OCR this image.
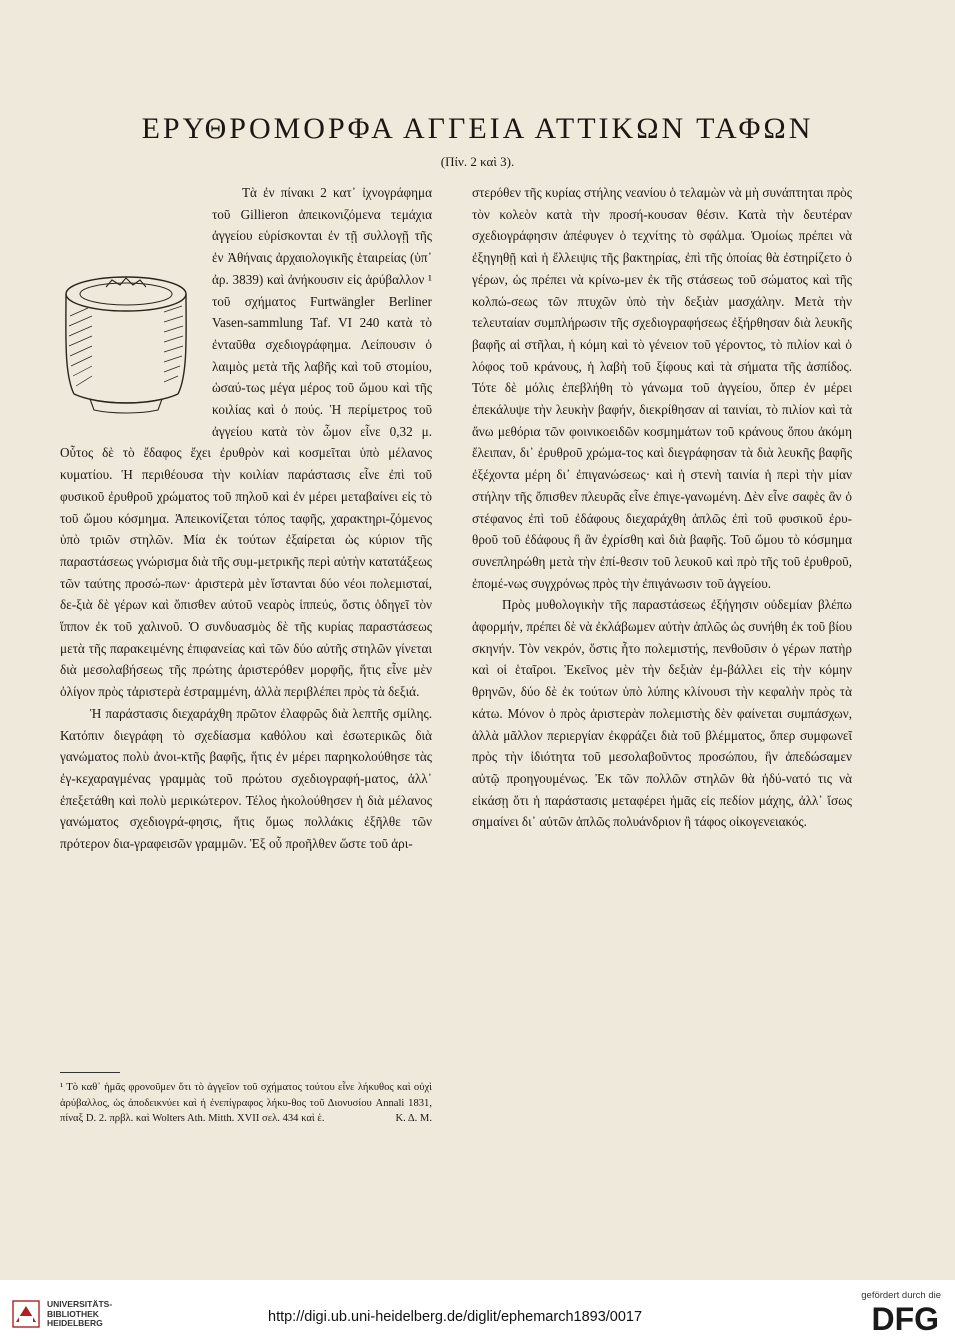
ΕΡΥΘΡΟΜΟΡΦΑ ΑΓΓΕΙΑ ΑΤΤΙΚΩΝ ΤΑΦΩΝ
(Πίν. 2 καὶ 3).

Τὰ ἐν πίνακι 2 κατ᾿ ἰχνογράφημα τοῦ Gillieron ἀπεικονιζόμενα τεμάχια ἀγγείου εὑρίσκονται ἐν τῇ συλλογῇ τῆς ἐν Ἀθήναις ἀρχαιολογικῆς ἑταιρείας (ὑπ᾿ ἀρ. 3839) καὶ ἀνήκουσιν εἰς ἀρύβαλλον ¹ τοῦ σχήματος Furtwängler Berliner Vasen-sammlung Taf. VI 240 κατὰ τὸ ἐνταῦθα σχεδιογράφημα. Λείπουσιν ὁ λαιμὸς μετὰ τῆς λαβῆς καὶ τοῦ στομίου, ὡσαύ-τως μέγα μέρος τοῦ ὤμου καὶ τῆς κοιλίας καὶ ὁ πούς. Ἡ περίμετρος τοῦ ἀγγείου κατὰ τὸν ὦμον εἶνε 0,32 μ. Οὗτος δὲ τὸ ἔδαφος ἔχει ἐρυθρὸν καὶ κοσμεῖται ὑπὸ μέλανος κυματίου. Ἡ περιθέουσα τὴν κοιλίαν παράστασις εἶνε ἐπὶ τοῦ φυσικοῦ ἐρυθροῦ χρώματος τοῦ πηλοῦ καὶ ἐν μέρει μεταβαίνει εἰς τὸ τοῦ ὤμου κόσμημα. Ἀπεικονίζεται τόπος ταφῆς, χαρακτηρι-ζόμενος ὑπὸ τριῶν στηλῶν. Μία ἐκ τούτων ἐξαίρεται ὡς κύριον τῆς παραστάσεως γνώρισμα διὰ τῆς συμ-μετρικῆς περὶ αὐτὴν κατατάξεως τῶν ταύτης προσώ-πων· ἀριστερὰ μὲν ἵστανται δύο νέοι πολεμισταί, δε-ξιὰ δὲ γέρων καὶ ὄπισθεν αὐτοῦ νεαρὸς ἱππεύς, ὅστις ὁδηγεῖ τὸν ἵππον ἐκ τοῦ χαλινοῦ. Ὁ συνδυασμὸς δὲ τῆς κυρίας παραστάσεως μετὰ τῆς παρακειμένης ἐπιφανείας καὶ τῶν δύο αὐτῆς στηλῶν γίνεται διὰ μεσολαβήσεως τῆς πρώτης ἀριστερόθεν μορφῆς, ἥτις εἶνε μὲν ὀλίγον πρὸς τἀριστερὰ ἐστραμμένη, ἀλλὰ περιβλέπει πρὸς τὰ δεξιά.

Ἡ παράστασις διεχαράχθη πρῶτον ἐλαφρῶς διὰ λεπτῆς σμίλης. Κατόπιν διεγράφη τὸ σχεδίασμα καθόλου καὶ ἐσωτερικῶς διὰ γανώματος πολὺ ἀνοι-κτῆς βαφῆς, ἥτις ἐν μέρει παρηκολούθησε τὰς ἐγ-κεχαραγμένας γραμμὰς τοῦ πρώτου σχεδιογραφή-ματος, ἀλλ᾿ ἐπεξετάθη καὶ πολὺ μερικώτερον. Τέλος ἠκολούθησεν ἡ διὰ μέλανος γανώματος σχεδιογρά-φησις, ἥτις ὅμως πολλάκις ἐξῆλθε τῶν πρότερον δια-γραφεισῶν γραμμῶν. Ἐξ οὗ προῆλθεν ὥστε τοῦ ἀρι-

στερόθεν τῆς κυρίας στήλης νεανίου ὁ τελαμὼν νὰ μὴ συνάπτηται πρὸς τὸν κολεὸν κατὰ τὴν προσή-κουσαν θέσιν. Κατὰ τὴν δευτέραν σχεδιογράφησιν ἀπέφυγεν ὁ τεχνίτης τὸ σφάλμα. Ὁμοίως πρέπει νὰ ἐξηγηθῇ καὶ ἡ ἔλλειψις τῆς βακτηρίας, ἐπὶ τῆς ὁποίας θὰ ἐστηρίζετο ὁ γέρων, ὡς πρέπει νὰ κρίνω-μεν ἐκ τῆς στάσεως τοῦ σώματος καὶ τῆς κολπώ-σεως τῶν πτυχῶν ὑπὸ τὴν δεξιὰν μασχάλην. Μετὰ τὴν τελευταίαν συμπλήρωσιν τῆς σχεδιογραφήσεως ἐξήρθησαν διὰ λευκῆς βαφῆς αἱ στῆλαι, ἡ κόμη καὶ τὸ γένειον τοῦ γέροντος, τὸ πιλίον καὶ ὁ λόφος τοῦ κράνους, ἡ λαβὴ τοῦ ξίφους καὶ τὰ σήματα τῆς ἀσπίδος. Τότε δὲ μόλις ἐπεβλήθη τὸ γάνωμα τοῦ ἀγγείου, ὅπερ ἐν μέρει ἐπεκάλυψε τὴν λευκὴν βαφήν, διεκρίθησαν αἱ ταινίαι, τὸ πιλίον καὶ τὰ ἄνω μεθόρια τῶν φοινικοειδῶν κοσμημάτων τοῦ κράνους ὅπου ἀκόμη ἔλειπαν, δι᾿ ἐρυθροῦ χρώμα-τος καὶ διεγράφησαν τὰ διὰ λευκῆς βαφῆς ἐξέχοντα μέρη δι᾿ ἐπιγανώσεως· καὶ ἡ στενὴ ταινία ἡ περὶ τὴν μίαν στήλην τῆς ὄπισθεν πλευρᾶς εἶνε ἐπιγε-γανωμένη. Δὲν εἶνε σαφὲς ἂν ὁ στέφανος ἐπὶ τοῦ ἐδάφους διεχαράχθη ἁπλῶς ἐπὶ τοῦ φυσικοῦ ἐρυ-θροῦ τοῦ ἐδάφους ἢ ἂν ἐχρίσθη καὶ διὰ βαφῆς. Τοῦ ὤμου τὸ κόσμημα συνεπληρώθη μετὰ τὴν ἐπί-θεσιν τοῦ λευκοῦ καὶ πρὸ τῆς τοῦ ἐρυθροῦ, ἐπομέ-νως συγχρόνως πρὸς τὴν ἐπιγάνωσιν τοῦ ἀγγείου.

Πρὸς μυθολογικὴν τῆς παραστάσεως ἐξήγησιν οὐδεμίαν βλέπω ἀφορμήν, πρέπει δὲ νὰ ἐκλάβωμεν αὐτὴν ἁπλῶς ὡς συνήθη ἐκ τοῦ βίου σκηνήν. Τὸν νεκρόν, ὅστις ἦτο πολεμιστής, πενθοῦσιν ὁ γέρων πατὴρ καὶ οἱ ἑταῖροι. Ἐκεῖνος μὲν τὴν δεξιὰν ἐμ-βάλλει εἰς τὴν κόμην θρηνῶν, δύο δὲ ἐκ τούτων ὑπὸ λύπης κλίνουσι τὴν κεφαλὴν πρὸς τὰ κάτω. Μόνον ὁ πρὸς ἀριστερὰν πολεμιστὴς δὲν φαίνεται συμπάσχων, ἀλλὰ μᾶλλον περιεργίαν ἐκφράζει διὰ τοῦ βλέμματος, ὅπερ συμφωνεῖ πρὸς τὴν ἰδιότητα τοῦ μεσολαβοῦντος προσώπου, ἣν ἀπεδώσαμεν αὐτῷ προηγουμένως. Ἐκ τῶν πολλῶν στηλῶν θὰ ἠδύ-νατό τις νὰ εἰκάσῃ ὅτι ἡ παράστασις μεταφέρει ἡμᾶς εἰς πεδίον μάχης, ἀλλ᾿ ἴσως σημαίνει δι᾿ αὐτῶν ἁπλῶς πολυάνδριον ἢ τάφος οἰκογενειακός.

¹ Τὸ καθ᾿ ἡμᾶς φρονοῦμεν ὅτι τὸ ἀγγεῖον τοῦ σχήματος τούτου εἶνε λήκυθος καὶ οὐχὶ ἀρύβαλλος, ὡς ἀποδεικνύει καὶ ἡ ἐνεπίγραφος λήκυ-θος τοῦ Διονυσίου Annali 1831, πίναξ D. 2. πρβλ. καὶ Wolters Ath. Mitth. XVII σελ. 434 καὶ ἑ.	Κ. Δ. Μ.
UNIVERSITÄTS-
BIBLIOTHEK
HEIDELBERG	http://digi.ub.uni-heidelberg.de/diglit/ephemarch1893/0017
gefördert durch die
DFG
